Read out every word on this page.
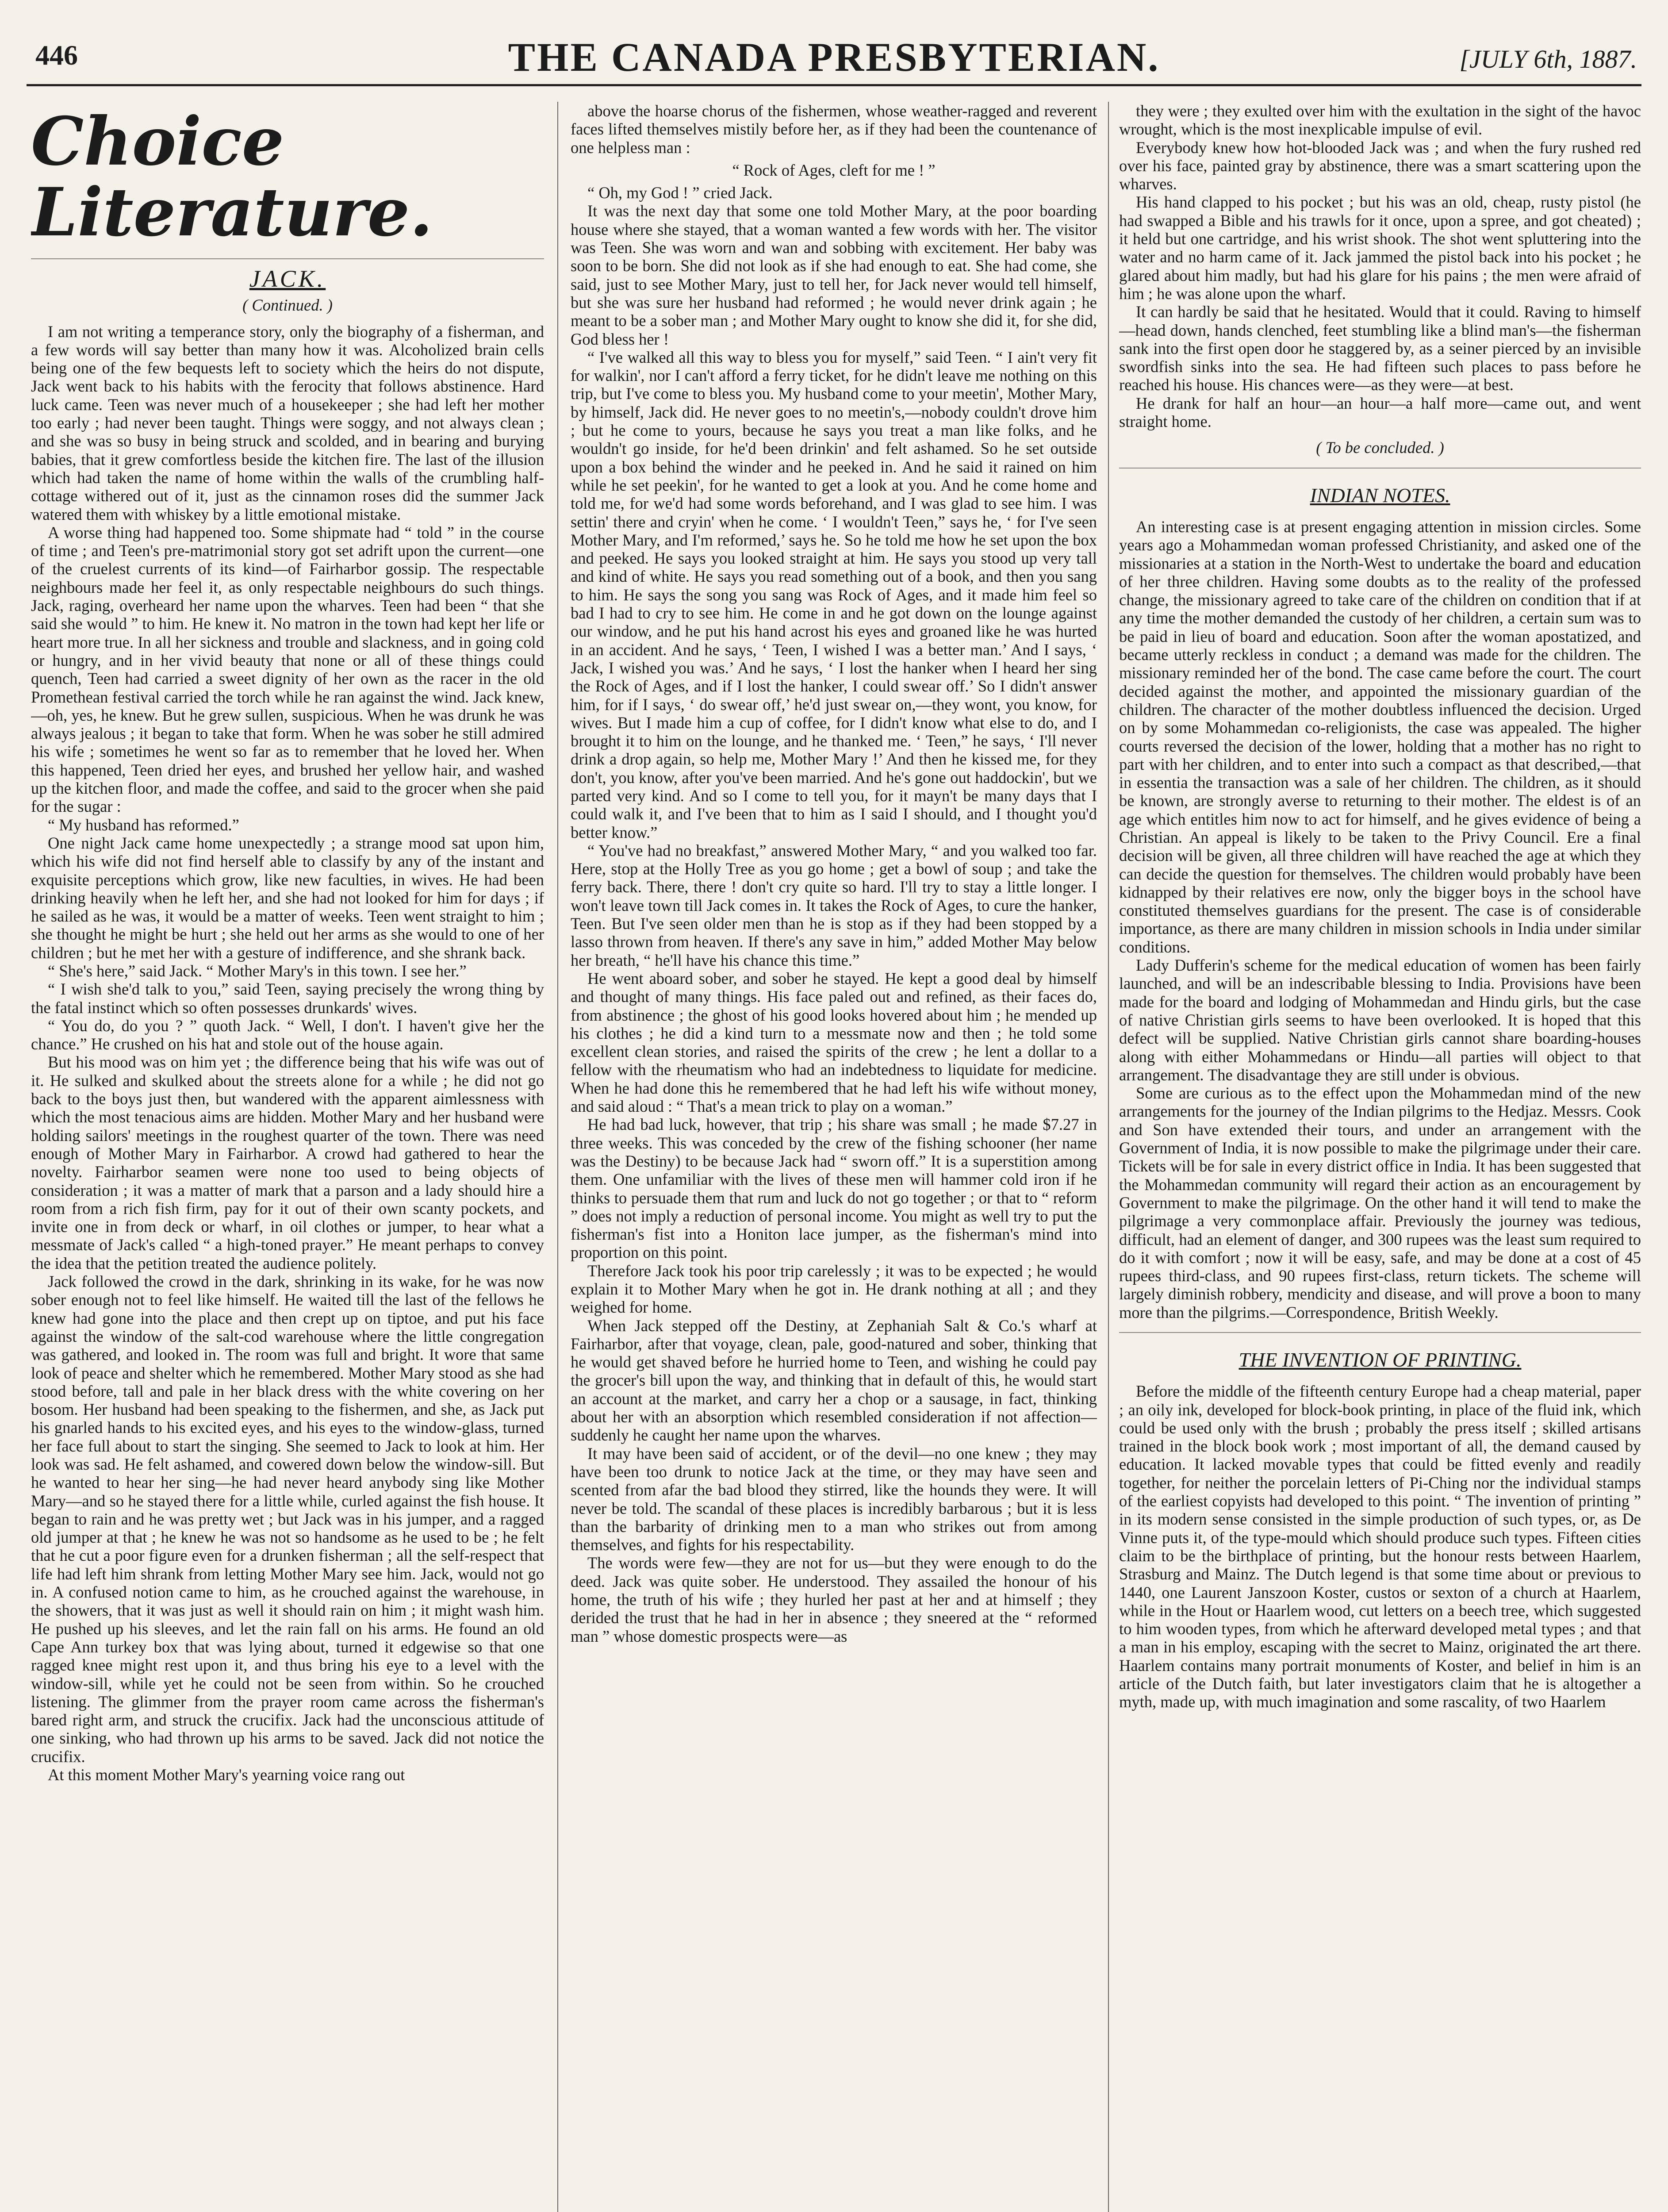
446	THE CANADA PRESBYTERIAN.	[JULY 6th, 1887.
Choice Literature.
JACK.
( Continued. )

I am not writing a temperance story, only the biography of a fisherman, and a few words will say better than many how it was. Alcoholized brain cells being one of the few bequests left to society which the heirs do not dispute, Jack went back to his habits with the ferocity that follows abstinence. Hard luck came. Teen was never much of a housekeeper ; she had left her mother too early ; had never been taught. Things were soggy, and not always clean ; and she was so busy in being struck and scolded, and in bearing and burying babies, that it grew comfortless beside the kitchen fire. The last of the illusion which had taken the name of home within the walls of the crumbling half-cottage withered out of it, just as the cinnamon roses did the summer Jack watered them with whiskey by a little emotional mistake.

A worse thing had happened too. Some shipmate had “ told ” in the course of time ; and Teen's pre-matrimonial story got set adrift upon the current—one of the cruelest currents of its kind—of Fairharbor gossip. The respectable neighbours made her feel it, as only respectable neighbours do such things. Jack, raging, overheard her name upon the wharves. Teen had been “ that she said she would ” to him. He knew it. No matron in the town had kept her life or heart more true. In all her sickness and trouble and slackness, and in going cold or hungry, and in her vivid beauty that none or all of these things could quench, Teen had carried a sweet dignity of her own as the racer in the old Promethean festival carried the torch while he ran against the wind. Jack knew,—oh, yes, he knew. But he grew sullen, suspicious. When he was drunk he was always jealous ; it began to take that form. When he was sober he still admired his wife ; sometimes he went so far as to remember that he loved her. When this happened, Teen dried her eyes, and brushed her yellow hair, and washed up the kitchen floor, and made the coffee, and said to the grocer when she paid for the sugar :

“ My husband has reformed.”

One night Jack came home unexpectedly ; a strange mood sat upon him, which his wife did not find herself able to classify by any of the instant and exquisite perceptions which grow, like new faculties, in wives. He had been drinking heavily when he left her, and she had not looked for him for days ; if he sailed as he was, it would be a matter of weeks. Teen went straight to him ; she thought he might be hurt ; she held out her arms as she would to one of her children ; but he met her with a gesture of indifference, and she shrank back.

“ She's here,” said Jack. “ Mother Mary's in this town. I see her.”

“ I wish she'd talk to you,” said Teen, saying precisely the wrong thing by the fatal instinct which so often possesses drunkards' wives.

“ You do, do you ? ” quoth Jack. “ Well, I don't. I haven't give her the chance.” He crushed on his hat and stole out of the house again.

But his mood was on him yet ; the difference being that his wife was out of it. He sulked and skulked about the streets alone for a while ; he did not go back to the boys just then, but wandered with the apparent aimlessness with which the most tenacious aims are hidden. Mother Mary and her husband were holding sailors' meetings in the roughest quarter of the town. There was need enough of Mother Mary in Fairharbor. A crowd had gathered to hear the novelty. Fairharbor seamen were none too used to being objects of consideration ; it was a matter of mark that a parson and a lady should hire a room from a rich fish firm, pay for it out of their own scanty pockets, and invite one in from deck or wharf, in oil clothes or jumper, to hear what a messmate of Jack's called “ a high-toned prayer.” He meant perhaps to convey the idea that the petition treated the audience politely.

Jack followed the crowd in the dark, shrinking in its wake, for he was now sober enough not to feel like himself. He waited till the last of the fellows he knew had gone into the place and then crept up on tiptoe, and put his face against the window of the salt-cod warehouse where the little congregation was gathered, and looked in. The room was full and bright. It wore that same look of peace and shelter which he remembered. Mother Mary stood as she had stood before, tall and pale in her black dress with the white covering on her bosom. Her husband had been speaking to the fishermen, and she, as Jack put his gnarled hands to his excited eyes, and his eyes to the window-glass, turned her face full about to start the singing. She seemed to Jack to look at him. Her look was sad. He felt ashamed, and cowered down below the window-sill. But he wanted to hear her sing—he had never heard anybody sing like Mother Mary—and so he stayed there for a little while, curled against the fish house. It began to rain and he was pretty wet ; but Jack was in his jumper, and a ragged old jumper at that ; he knew he was not so handsome as he used to be ; he felt that he cut a poor figure even for a drunken fisherman ; all the self-respect that life had left him shrank from letting Mother Mary see him. Jack, would not go in. A confused notion came to him, as he crouched against the warehouse, in the showers, that it was just as well it should rain on him ; it might wash him. He pushed up his sleeves, and let the rain fall on his arms. He found an old Cape Ann turkey box that was lying about, turned it edgewise so that one ragged knee might rest upon it, and thus bring his eye to a level with the window-sill, while yet he could not be seen from within. So he crouched listening. The glimmer from the prayer room came across the fisherman's bared right arm, and struck the crucifix. Jack had the unconscious attitude of one sinking, who had thrown up his arms to be saved. Jack did not notice the crucifix.

At this moment Mother Mary's yearning voice rang out

above the hoarse chorus of the fishermen, whose weather-ragged and reverent faces lifted themselves mistily before her, as if they had been the countenance of one helpless man :

“ Rock of Ages, cleft for me ! ”

“ Oh, my God ! ” cried Jack.

It was the next day that some one told Mother Mary, at the poor boarding house where she stayed, that a woman wanted a few words with her. The visitor was Teen. She was worn and wan and sobbing with excitement. Her baby was soon to be born. She did not look as if she had enough to eat. She had come, she said, just to see Mother Mary, just to tell her, for Jack never would tell himself, but she was sure her husband had reformed ; he would never drink again ; he meant to be a sober man ; and Mother Mary ought to know she did it, for she did, God bless her !

“ I've walked all this way to bless you for myself,” said Teen. “ I ain't very fit for walkin', nor I can't afford a ferry ticket, for he didn't leave me nothing on this trip, but I've come to bless you. My husband come to your meetin', Mother Mary, by himself, Jack did. He never goes to no meetin's,—nobody couldn't drove him ; but he come to yours, because he says you treat a man like folks, and he wouldn't go inside, for he'd been drinkin' and felt ashamed. So he set outside upon a box behind the winder and he peeked in. And he said it rained on him while he set peekin', for he wanted to get a look at you. And he come home and told me, for we'd had some words beforehand, and I was glad to see him. I was settin' there and cryin' when he come. ‘ I wouldn't Teen,” says he, ‘ for I've seen Mother Mary, and I'm reformed,’ says he. So he told me how he set upon the box and peeked. He says you looked straight at him. He says you stood up very tall and kind of white. He says you read something out of a book, and then you sang to him. He says the song you sang was Rock of Ages, and it made him feel so bad I had to cry to see him. He come in and he got down on the lounge against our window, and he put his hand acrost his eyes and groaned like he was hurted in an accident. And he says, ‘ Teen, I wished I was a better man.’ And I says, ‘ Jack, I wished you was.’ And he says, ‘ I lost the hanker when I heard her sing the Rock of Ages, and if I lost the hanker, I could swear off.’ So I didn't answer him, for if I says, ‘ do swear off,’ he'd just swear on,—they wont, you know, for wives. But I made him a cup of coffee, for I didn't know what else to do, and I brought it to him on the lounge, and he thanked me. ‘ Teen,” he says, ‘ I'll never drink a drop again, so help me, Mother Mary !’ And then he kissed me, for they don't, you know, after you've been married. And he's gone out haddockin', but we parted very kind. And so I come to tell you, for it mayn't be many days that I could walk it, and I've been that to him as I said I should, and I thought you'd better know.”

“ You've had no breakfast,” answered Mother Mary, “ and you walked too far. Here, stop at the Holly Tree as you go home ; get a bowl of soup ; and take the ferry back. There, there ! don't cry quite so hard. I'll try to stay a little longer. I won't leave town till Jack comes in. It takes the Rock of Ages, to cure the hanker, Teen. But I've seen older men than he is stop as if they had been stopped by a lasso thrown from heaven. If there's any save in him,” added Mother May below her breath, “ he'll have his chance this time.”

He went aboard sober, and sober he stayed. He kept a good deal by himself and thought of many things. His face paled out and refined, as their faces do, from abstinence ; the ghost of his good looks hovered about him ; he mended up his clothes ; he did a kind turn to a messmate now and then ; he told some excellent clean stories, and raised the spirits of the crew ; he lent a dollar to a fellow with the rheumatism who had an indebtedness to liquidate for medicine. When he had done this he remembered that he had left his wife without money, and said aloud : “ That's a mean trick to play on a woman.”

He had bad luck, however, that trip ; his share was small ; he made $7.27 in three weeks. This was conceded by the crew of the fishing schooner (her name was the Destiny) to be because Jack had “ sworn off.” It is a superstition among them. One unfamiliar with the lives of these men will hammer cold iron if he thinks to persuade them that rum and luck do not go together ; or that to “ reform ” does not imply a reduction of personal income. You might as well try to put the fisherman's fist into a Honiton lace jumper, as the fisherman's mind into proportion on this point.

Therefore Jack took his poor trip carelessly ; it was to be expected ; he would explain it to Mother Mary when he got in. He drank nothing at all ; and they weighed for home.

When Jack stepped off the Destiny, at Zephaniah Salt & Co.'s wharf at Fairharbor, after that voyage, clean, pale, good-natured and sober, thinking that he would get shaved before he hurried home to Teen, and wishing he could pay the grocer's bill upon the way, and thinking that in default of this, he would start an account at the market, and carry her a chop or a sausage, in fact, thinking about her with an absorption which resembled consideration if not affection—suddenly he caught her name upon the wharves.

It may have been said of accident, or of the devil—no one knew ; they may have been too drunk to notice Jack at the time, or they may have seen and scented from afar the bad blood they stirred, like the hounds they were. It will never be told. The scandal of these places is incredibly barbarous ; but it is less than the barbarity of drinking men to a man who strikes out from among themselves, and fights for his respectability.

The words were few—they are not for us—but they were enough to do the deed. Jack was quite sober. He understood. They assailed the honour of his home, the truth of his wife ; they hurled her past at her and at himself ; they derided the trust that he had in her in absence ; they sneered at the “ reformed man ” whose domestic prospects were—as

they were ; they exulted over him with the exultation in the sight of the havoc wrought, which is the most inexplicable impulse of evil.

Everybody knew how hot-blooded Jack was ; and when the fury rushed red over his face, painted gray by abstinence, there was a smart scattering upon the wharves.

His hand clapped to his pocket ; but his was an old, cheap, rusty pistol (he had swapped a Bible and his trawls for it once, upon a spree, and got cheated) ; it held but one cartridge, and his wrist shook. The shot went spluttering into the water and no harm came of it. Jack jammed the pistol back into his pocket ; he glared about him madly, but had his glare for his pains ; the men were afraid of him ; he was alone upon the wharf.

It can hardly be said that he hesitated. Would that it could. Raving to himself—head down, hands clenched, feet stumbling like a blind man's—the fisherman sank into the first open door he staggered by, as a seiner pierced by an invisible swordfish sinks into the sea. He had fifteen such places to pass before he reached his house. His chances were—as they were—at best.

He drank for half an hour—an hour—a half more—came out, and went straight home.

( To be concluded. )
INDIAN NOTES.

An interesting case is at present engaging attention in mission circles. Some years ago a Mohammedan woman professed Christianity, and asked one of the missionaries at a station in the North-West to undertake the board and education of her three children. Having some doubts as to the reality of the professed change, the missionary agreed to take care of the children on condition that if at any time the mother demanded the custody of her children, a certain sum was to be paid in lieu of board and education. Soon after the woman apostatized, and became utterly reckless in conduct ; a demand was made for the children. The missionary reminded her of the bond. The case came before the court. The court decided against the mother, and appointed the missionary guardian of the children. The character of the mother doubtless influenced the decision. Urged on by some Mohammedan co-religionists, the case was appealed. The higher courts reversed the decision of the lower, holding that a mother has no right to part with her children, and to enter into such a compact as that described,—that in essentia the transaction was a sale of her children. The children, as it should be known, are strongly averse to returning to their mother. The eldest is of an age which entitles him now to act for himself, and he gives evidence of being a Christian. An appeal is likely to be taken to the Privy Council. Ere a final decision will be given, all three children will have reached the age at which they can decide the question for themselves. The children would probably have been kidnapped by their relatives ere now, only the bigger boys in the school have constituted themselves guardians for the present. The case is of considerable importance, as there are many children in mission schools in India under similar conditions.

Lady Dufferin's scheme for the medical education of women has been fairly launched, and will be an indescribable blessing to India. Provisions have been made for the board and lodging of Mohammedan and Hindu girls, but the case of native Christian girls seems to have been overlooked. It is hoped that this defect will be supplied. Native Christian girls cannot share boarding-houses along with either Mohammedans or Hindu—all parties will object to that arrangement. The disadvantage they are still under is obvious.

Some are curious as to the effect upon the Mohammedan mind of the new arrangements for the journey of the Indian pilgrims to the Hedjaz. Messrs. Cook and Son have extended their tours, and under an arrangement with the Government of India, it is now possible to make the pilgrimage under their care. Tickets will be for sale in every district office in India. It has been suggested that the Mohammedan community will regard their action as an encouragement by Government to make the pilgrimage. On the other hand it will tend to make the pilgrimage a very commonplace affair. Previously the journey was tedious, difficult, had an element of danger, and 300 rupees was the least sum required to do it with comfort ; now it will be easy, safe, and may be done at a cost of 45 rupees third-class, and 90 rupees first-class, return tickets. The scheme will largely diminish robbery, mendicity and disease, and will prove a boon to many more than the pilgrims.—Correspondence, British Weekly.

THE INVENTION OF PRINTING.

Before the middle of the fifteenth century Europe had a cheap material, paper ; an oily ink, developed for block-book printing, in place of the fluid ink, which could be used only with the brush ; probably the press itself ; skilled artisans trained in the block book work ; most important of all, the demand caused by education. It lacked movable types that could be fitted evenly and readily together, for neither the porcelain letters of Pi-Ching nor the individual stamps of the earliest copyists had developed to this point. “ The invention of printing ” in its modern sense consisted in the simple production of such types, or, as De Vinne puts it, of the type-mould which should produce such types. Fifteen cities claim to be the birthplace of printing, but the honour rests between Haarlem, Strasburg and Mainz. The Dutch legend is that some time about or previous to 1440, one Laurent Janszoon Koster, custos or sexton of a church at Haarlem, while in the Hout or Haarlem wood, cut letters on a beech tree, which suggested to him wooden types, from which he afterward developed metal types ; and that a man in his employ, escaping with the secret to Mainz, originated the art there. Haarlem contains many portrait monuments of Koster, and belief in him is an article of the Dutch faith, but later investigators claim that he is altogether a myth, made up, with much imagination and some rascality, of two Haarlem
